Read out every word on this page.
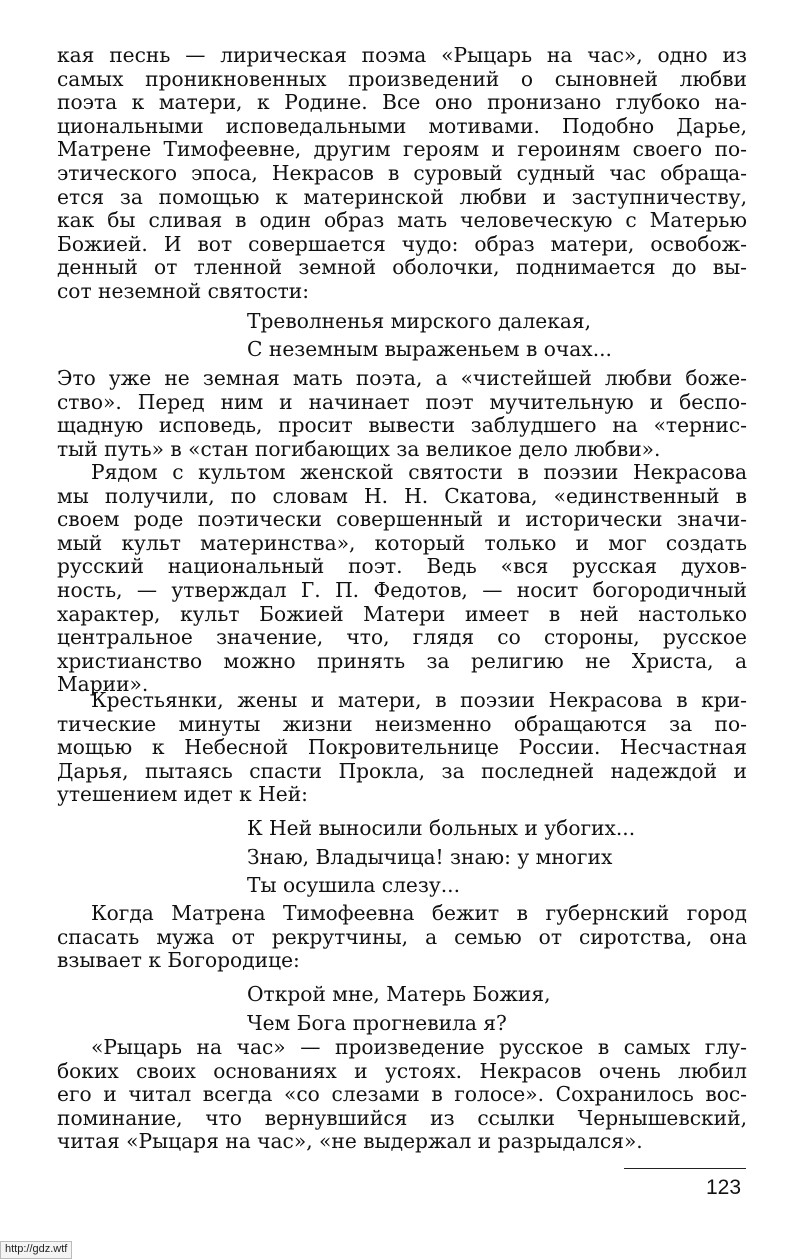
кая песнь — лирическая поэма «Рыцарь на час», одно из
самых проникновенных произведений о сыновней любви
поэта к матери, к Родине. Все оно пронизано глубоко на-
циональными исповедальными мотивами. Подобно Дарье,
Матрене Тимофеевне, другим героям и героиням своего по-
этического эпоса, Некрасов в суровый судный час обраща-
ется за помощью к материнской любви и заступничеству,
как бы сливая в один образ мать человеческую с Матерью
Божией. И вот совершается чудо: образ матери, освобож-
денный от тленной земной оболочки, поднимается до вы-
сот неземной святости:
Треволненья мирского далекая,
С неземным выраженьем в очах...
Это уже не земная мать поэта, а «чистейшей любви боже-
ство». Перед ним и начинает поэт мучительную и беспо-
щадную исповедь, просит вывести заблудшего на «тернис-
тый путь» в «стан погибающих за великое дело любви».
Рядом с культом женской святости в поэзии Некрасова
мы получили, по словам Н. Н. Скатова, «единственный в
своем роде поэтически совершенный и исторически значи-
мый культ материнства», который только и мог создать
русский национальный поэт. Ведь «вся русская духов-
ность, — утверждал Г. П. Федотов, — носит богородичный
характер, культ Божией Матери имеет в ней настолько
центральное значение, что, глядя со стороны, русское
христианство можно принять за религию не Христа, а
Марии».
Крестьянки, жены и матери, в поэзии Некрасова в кри-
тические минуты жизни неизменно обращаются за по-
мощью к Небесной Покровительнице России. Несчастная
Дарья, пытаясь спасти Прокла, за последней надеждой и
утешением идет к Ней:
К Ней выносили больных и убогих...
Знаю, Владычица! знаю: у многих
Ты осушила слезу...
Когда Матрена Тимофеевна бежит в губернский город
спасать мужа от рекрутчины, а семью от сиротства, она
взывает к Богородице:
Открой мне, Матерь Божия,
Чем Бога прогневила я?
«Рыцарь на час» — произведение русское в самых глу-
боких своих основаниях и устоях. Некрасов очень любил
его и читал всегда «со слезами в голосе». Сохранилось вос-
поминание, что вернувшийся из ссылки Чернышевский,
читая «Рыцаря на час», «не выдержал и разрыдался».
123
http://gdz.wtf
